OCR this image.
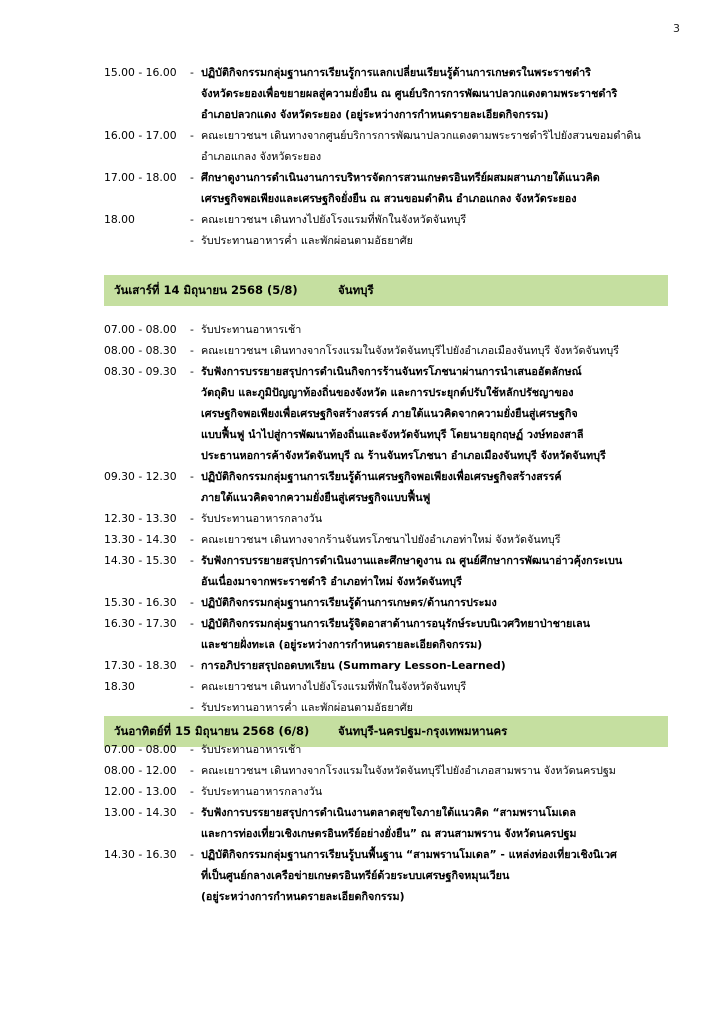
3
15.00 - 16.00	- ปฏิบัติกิจกรรมกลุ่มฐานการเรียนรู้การแลกเปลี่ยนเรียนรู้ด้านการเกษตรในพระราชดำริ
จังหวัดระยองเพื่อขยายผลสู่ความยั่งยืน ณ ศูนย์บริการการพัฒนาปลวกแดงตามพระราชดำริ
อำเภอปลวกแดง จังหวัดระยอง (อยู่ระหว่างการกำหนดรายละเอียดกิจกรรม)
16.00 - 17.00	- คณะเยาวชนฯ เดินทางจากศูนย์บริการการพัฒนาปลวกแดงตามพระราชดำริไปยังสวนขอมดำดิน
อำเภอแกลง จังหวัดระยอง
17.00 - 18.00	- ศึกษาดูงานการดำเนินงานการบริหารจัดการสวนเกษตรอินทรีย์ผสมผสานภายใต้แนวคิด
เศรษฐกิจพอเพียงและเศรษฐกิจยั่งยืน ณ สวนขอมดำดิน อำเภอแกลง จังหวัดระยอง
18.00	- คณะเยาวชนฯ เดินทางไปยังโรงแรมที่พักในจังหวัดจันทบุรี
- รับประทานอาหารค่ำ และพักผ่อนตามอัธยาศัย
วันเสาร์ที่ 14 มิถุนายน 2568 (5/8)	จันทบุรี
07.00 - 08.00	- รับประทานอาหารเช้า
08.00 - 08.30	- คณะเยาวชนฯ เดินทางจากโรงแรมในจังหวัดจันทบุรีไปยังอำเภอเมืองจันทบุรี จังหวัดจันทบุรี
08.30 - 09.30	- รับฟังการบรรยายสรุปการดำเนินกิจการร้านจันทรโภชนาผ่านการนำเสนออัตลักษณ์
วัตถุดิบ และภูมิปัญญาท้องถิ่นของจังหวัด และการประยุกต์ปรับใช้หลักปรัชญาของ
เศรษฐกิจพอเพียงเพื่อเศรษฐกิจสร้างสรรค์ ภายใต้แนวคิดจากความยั่งยืนสู่เศรษฐกิจ
แบบฟื้นฟู นำไปสู่การพัฒนาท้องถิ่นและจังหวัดจันทบุรี โดยนายอุกฤษฏ์ วงษ์ทองสาลี
ประธานหอการค้าจังหวัดจันทบุรี ณ ร้านจันทรโภชนา อำเภอเมืองจันทบุรี จังหวัดจันทบุรี
09.30 - 12.30	- ปฏิบัติกิจกรรมกลุ่มฐานการเรียนรู้ด้านเศรษฐกิจพอเพียงเพื่อเศรษฐกิจสร้างสรรค์
ภายใต้แนวคิดจากความยั่งยืนสู่เศรษฐกิจแบบฟื้นฟู
12.30 - 13.30	- รับประทานอาหารกลางวัน
13.30 - 14.30	- คณะเยาวชนฯ เดินทางจากร้านจันทรโภชนาไปยังอำเภอท่าใหม่ จังหวัดจันทบุรี
14.30 - 15.30	- รับฟังการบรรยายสรุปการดำเนินงานและศึกษาดูงาน ณ ศูนย์ศึกษาการพัฒนาอ่าวคุ้งกระเบน
อันเนื่องมาจากพระราชดำริ อำเภอท่าใหม่ จังหวัดจันทบุรี
15.30 - 16.30	- ปฏิบัติกิจกรรมกลุ่มฐานการเรียนรู้ด้านการเกษตร/ด้านการประมง
16.30 - 17.30	- ปฏิบัติกิจกรรมกลุ่มฐานการเรียนรู้จิตอาสาด้านการอนุรักษ์ระบบนิเวศวิทยาป่าชายเลน
และชายฝั่งทะเล (อยู่ระหว่างการกำหนดรายละเอียดกิจกรรม)
17.30 - 18.30	- การอภิปรายสรุปถอดบทเรียน (Summary Lesson-Learned)
18.30	- คณะเยาวชนฯ เดินทางไปยังโรงแรมที่พักในจังหวัดจันทบุรี
- รับประทานอาหารค่ำ และพักผ่อนตามอัธยาศัย
วันอาทิตย์ที่ 15 มิถุนายน 2568 (6/8)	จันทบุรี-นครปฐม-กรุงเทพมหานคร
07.00 - 08.00	- รับประทานอาหารเช้า
08.00 - 12.00	- คณะเยาวชนฯ เดินทางจากโรงแรมในจังหวัดจันทบุรีไปยังอำเภอสามพราน จังหวัดนครปฐม
12.00 - 13.00	- รับประทานอาหารกลางวัน
13.00 - 14.30	- รับฟังการบรรยายสรุปการดำเนินงานตลาดสุขใจภายใต้แนวคิด “สามพรานโมเดล
และการท่องเที่ยวเชิงเกษตรอินทรีย์อย่างยั่งยืน” ณ สวนสามพราน จังหวัดนครปฐม
14.30 - 16.30	- ปฏิบัติกิจกรรมกลุ่มฐานการเรียนรู้บนพื้นฐาน “สามพรานโมเดล” - แหล่งท่องเที่ยวเชิงนิเวศ
ที่เป็นศูนย์กลางเครือข่ายเกษตรอินทรีย์ด้วยระบบเศรษฐกิจหมุนเวียน
(อยู่ระหว่างการกำหนดรายละเอียดกิจกรรม)
